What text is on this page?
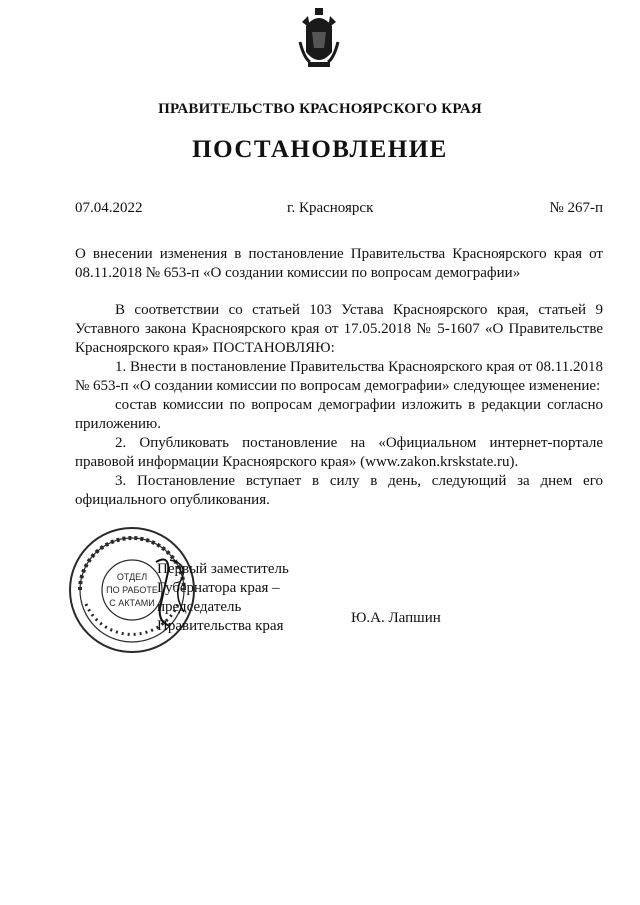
ПРАВИТЕЛЬСТВО КРАСНОЯРСКОГО КРАЯ
ПОСТАНОВЛЕНИЕ
07.04.2022	г. Красноярск	№ 267-п
О внесении изменения в постановление Правительства Красноярского края от 08.11.2018 № 653-п «О создании комиссии по вопросам демографии»

В соответствии со статьей 103 Устава Красноярского края, статьей 9 Уставного закона Красноярского края от 17.05.2018 № 5-1607 «О Правительстве Красноярского края» ПОСТАНОВЛЯЮ:

1. Внести в постановление Правительства Красноярского края от 08.11.2018 № 653-п «О создании комиссии по вопросам демографии» следующее изменение:

состав комиссии по вопросам демографии изложить в редакции согласно приложению.

2. Опубликовать постановление на «Официальном интернет-портале правовой информации Красноярского края» (www.zakon.krskstate.ru).

3. Постановление вступает в силу в день, следующий за днем его официального опубликования.

ОТДЕЛ
ПО РАБОТЕ
С АКТАМИ
Первый заместитель
Губернатора края –
председатель
Правительства края	Ю.А. Лапшин
